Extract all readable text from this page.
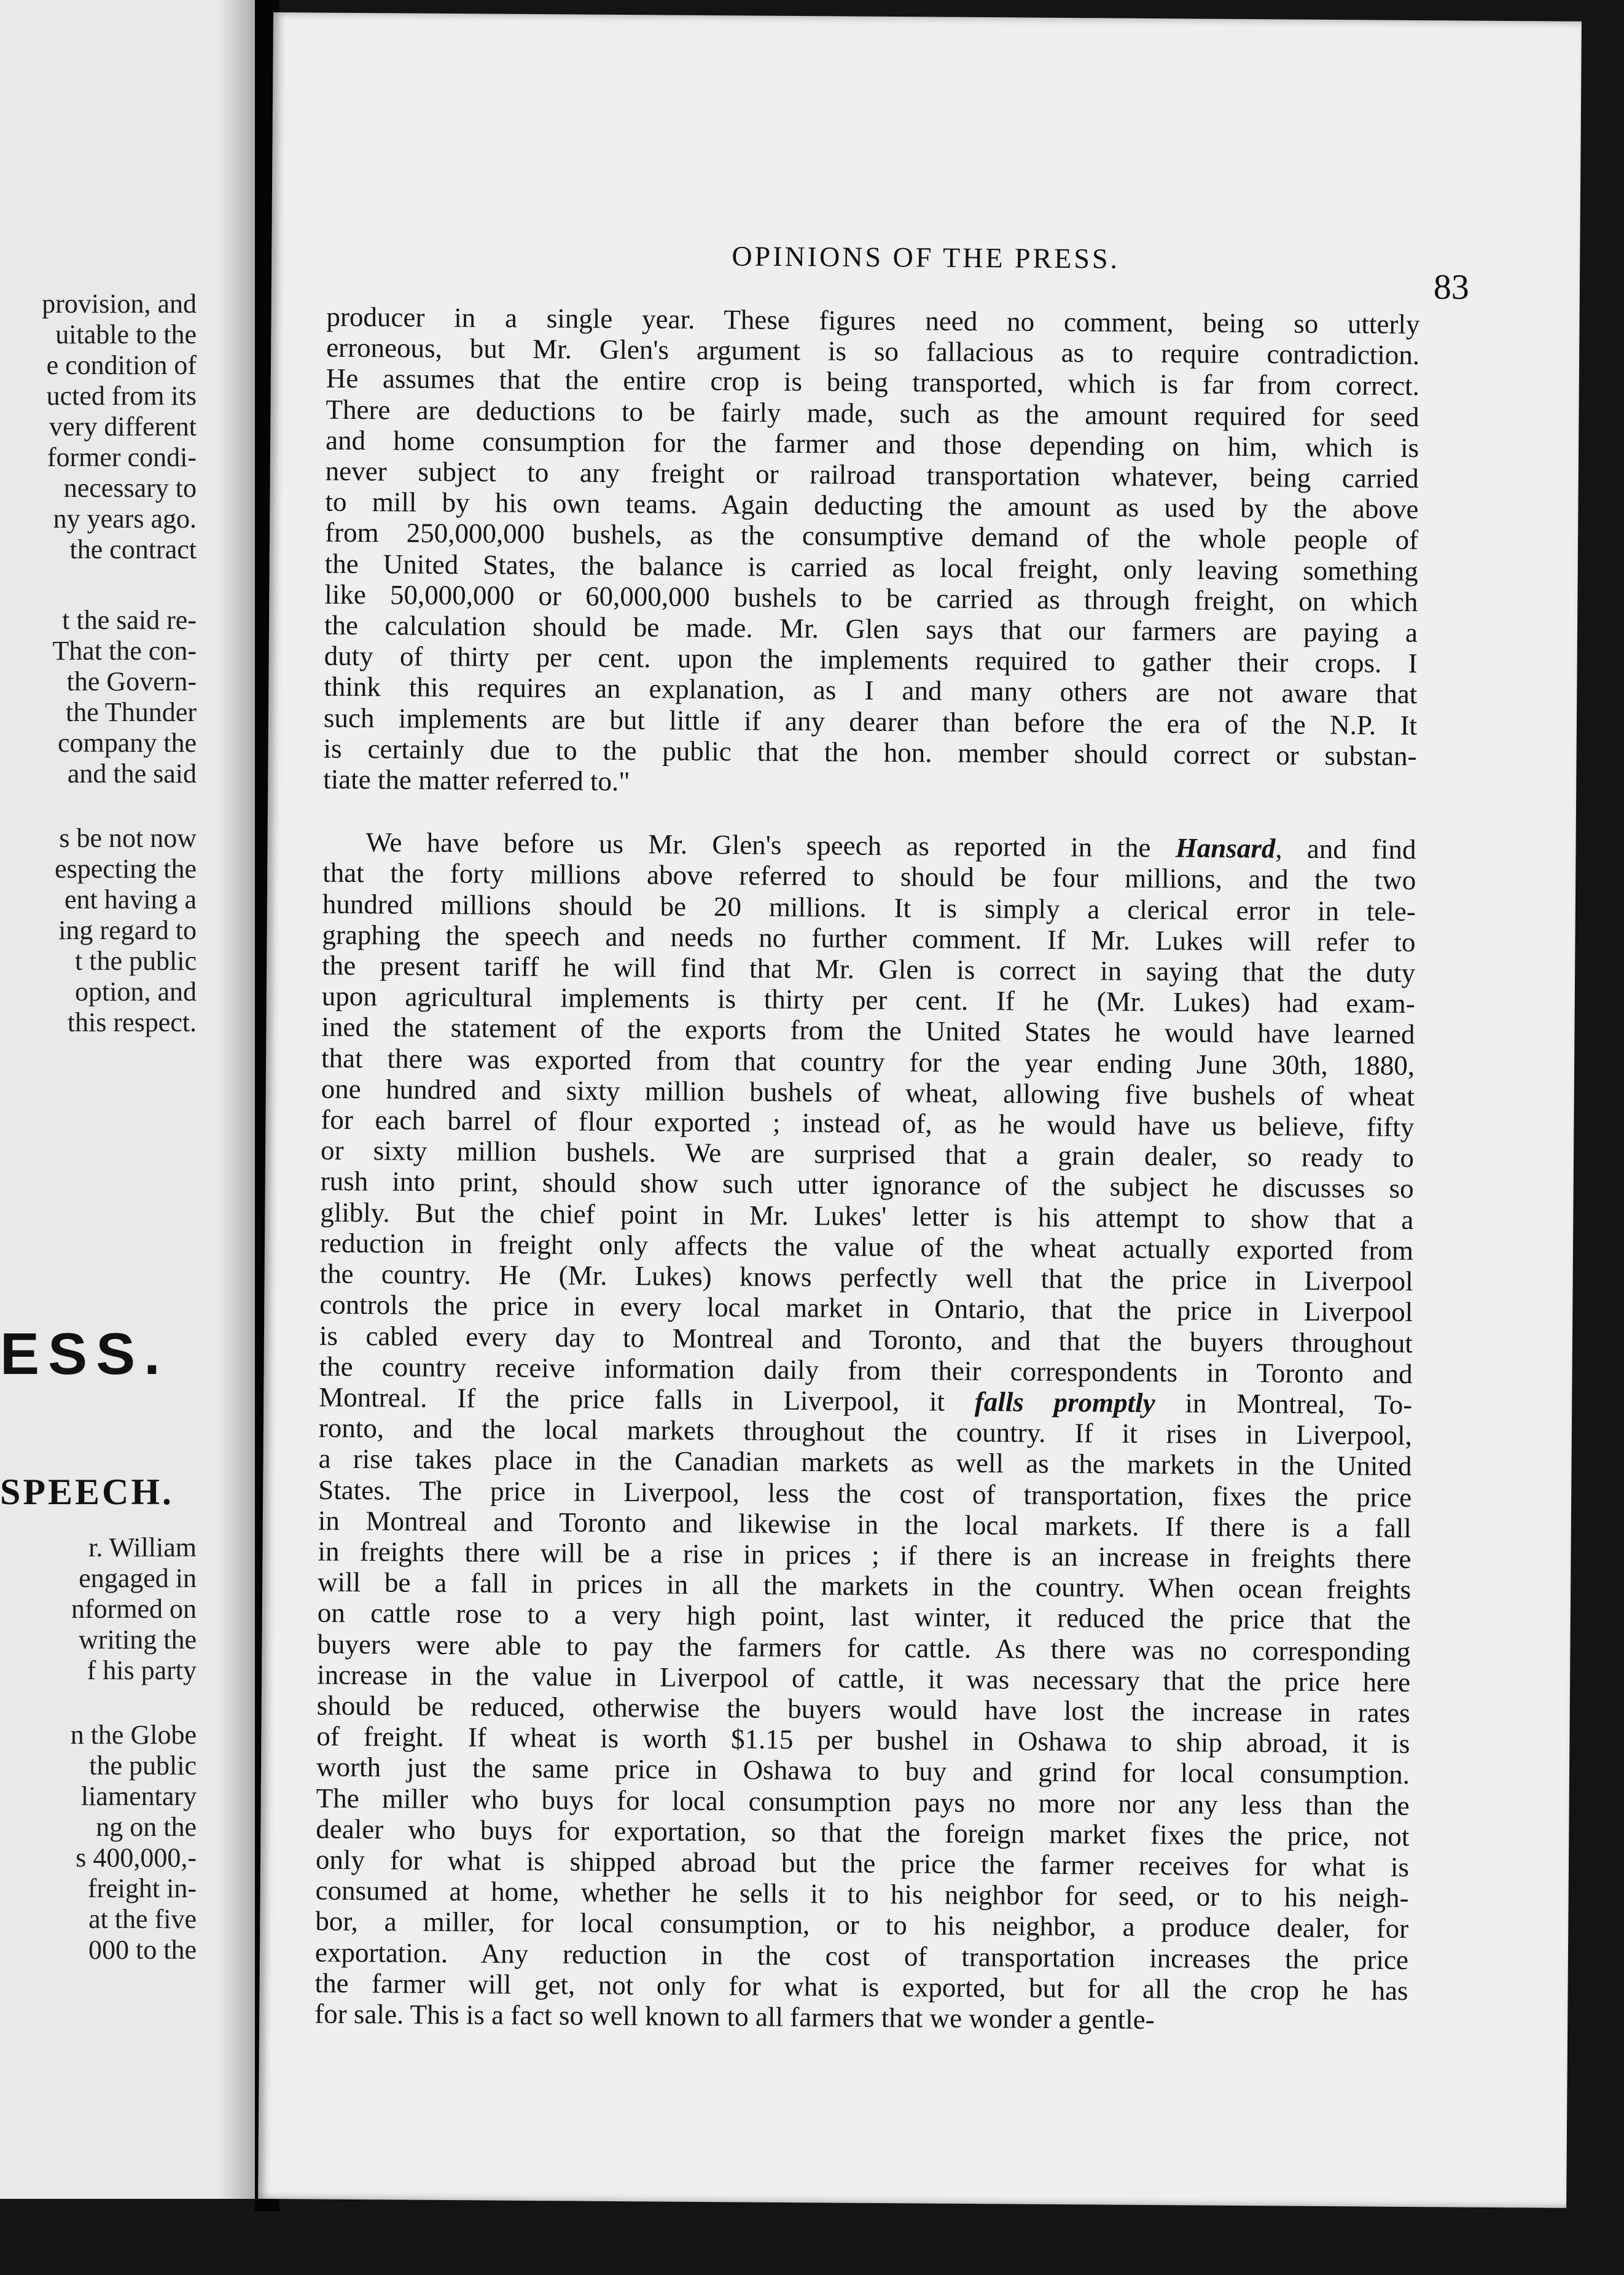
provision, and
uitable to the
e condition of
ucted from its
very different
former condi-
necessary to
ny years ago.
the contract
t the said re-
That the con-
the Govern-
the Thunder
company the
and the said
s be not now
especting the
ent having a
ing regard to
t the public
option, and
this respect.
ESS.
SPEECH.
r. William
engaged in
nformed on
writing the
f his party
n the Globe
the public
liamentary
ng on the
s 400,000,-
freight in-
at the five
000 to the
OPINIONS OF THE PRESS.
83

producer in a single year. These figures need no comment, being so utterly
erroneous, but Mr. Glen's argument is so fallacious as to require contradiction.
He assumes that the entire crop is being transported, which is far from correct.
There are deductions to be fairly made, such as the amount required for seed
and home consumption for the farmer and those depending on him, which is
never subject to any freight or railroad transportation whatever, being carried
to mill by his own teams. Again deducting the amount as used by the above
from 250,000,000 bushels, as the consumptive demand of the whole people of
the United States, the balance is carried as local freight, only leaving something
like 50,000,000 or 60,000,000 bushels to be carried as through freight, on which
the calculation should be made. Mr. Glen says that our farmers are paying a
duty of thirty per cent. upon the implements required to gather their crops. I
think this requires an explanation, as I and many others are not aware that
such implements are but little if any dearer than before the era of the N.P. It
is certainly due to the public that the hon. member should correct or substan-
tiate the matter referred to."

We have before us Mr. Glen's speech as reported in the Hansard, and find
that the forty millions above referred to should be four millions, and the two
hundred millions should be 20 millions. It is simply a clerical error in tele-
graphing the speech and needs no further comment. If Mr. Lukes will refer to
the present tariff he will find that Mr. Glen is correct in saying that the duty
upon agricultural implements is thirty per cent. If he (Mr. Lukes) had exam-
ined the statement of the exports from the United States he would have learned
that there was exported from that country for the year ending June 30th, 1880,
one hundred and sixty million bushels of wheat, allowing five bushels of wheat
for each barrel of flour exported ; instead of, as he would have us believe, fifty
or sixty million bushels. We are surprised that a grain dealer, so ready to
rush into print, should show such utter ignorance of the subject he discusses so
glibly. But the chief point in Mr. Lukes' letter is his attempt to show that a
reduction in freight only affects the value of the wheat actually exported from
the country. He (Mr. Lukes) knows perfectly well that the price in Liverpool
controls the price in every local market in Ontario, that the price in Liverpool
is cabled every day to Montreal and Toronto, and that the buyers throughout
the country receive information daily from their correspondents in Toronto and
Montreal. If the price falls in Liverpool, it falls promptly in Montreal, To-
ronto, and the local markets throughout the country. If it rises in Liverpool,
a rise takes place in the Canadian markets as well as the markets in the United
States. The price in Liverpool, less the cost of transportation, fixes the price
in Montreal and Toronto and likewise in the local markets. If there is a fall
in freights there will be a rise in prices ; if there is an increase in freights there
will be a fall in prices in all the markets in the country. When ocean freights
on cattle rose to a very high point, last winter, it reduced the price that the
buyers were able to pay the farmers for cattle. As there was no corresponding
increase in the value in Liverpool of cattle, it was necessary that the price here
should be reduced, otherwise the buyers would have lost the increase in rates
of freight. If wheat is worth $1.15 per bushel in Oshawa to ship abroad, it is
worth just the same price in Oshawa to buy and grind for local consumption.
The miller who buys for local consumption pays no more nor any less than the
dealer who buys for exportation, so that the foreign market fixes the price, not
only for what is shipped abroad but the price the farmer receives for what is
consumed at home, whether he sells it to his neighbor for seed, or to his neigh-
bor, a miller, for local consumption, or to his neighbor, a produce dealer, for
exportation. Any reduction in the cost of transportation increases the price
the farmer will get, not only for what is exported, but for all the crop he has
for sale. This is a fact so well known to all farmers that we wonder a gentle-
